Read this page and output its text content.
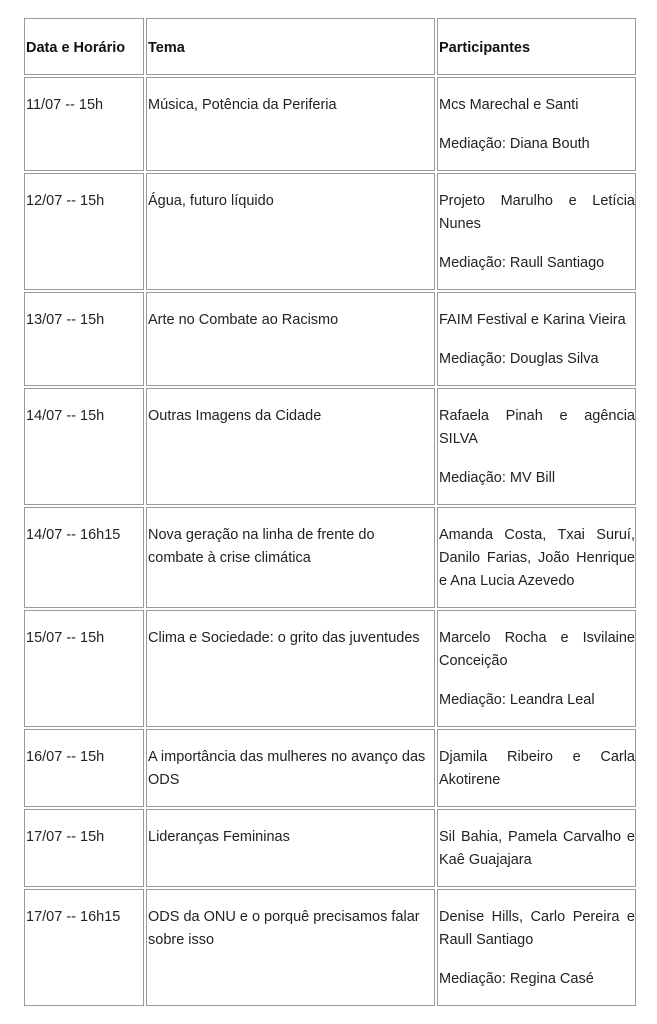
Data e Horário	Tema	Participantes
11/07 -- 15h	Música, Potência da Periferia	Mcs Marechal e Santi
Mediação: Diana Bouth

12/07 -- 15h	Água, futuro líquido	Projeto Marulho e Letícia Nunes
Mediação: Raull Santiago

13/07 -- 15h	Arte no Combate ao Racismo	FAIM Festival e Karina Vieira
Mediação: Douglas Silva

14/07 -- 15h	Outras Imagens da Cidade	Rafaela Pinah e agência SILVA
Mediação: MV Bill

14/07 -- 16h15	Nova geração na linha de frente do combate à crise climática	Amanda Costa, Txai Suruí, Danilo Farias, João Henrique e Ana Lucia Azevedo

15/07 -- 15h	Clima e Sociedade: o grito das juventudes	Marcelo Rocha e Isvilaine Conceição
Mediação: Leandra Leal

16/07 -- 15h	A importância das mulheres no avanço das ODS	Djamila Ribeiro e Carla Akotirene

17/07 -- 15h	Lideranças Femininas	Sil Bahia, Pamela Carvalho e Kaê Guajajara

17/07 -- 16h15	ODS da ONU e o porquê precisamos falar sobre isso	Denise Hills, Carlo Pereira e Raull Santiago
Mediação: Regina Casé
